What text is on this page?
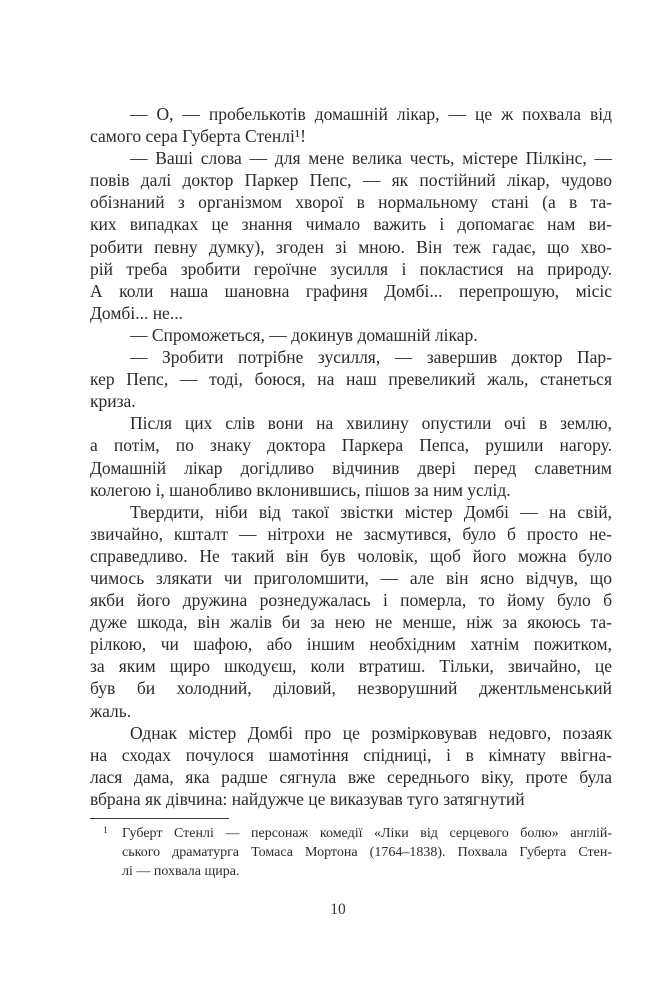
— О, — пробелькотів домашній лікар, — це ж похвала від
самого сера Губерта Стенлі¹!
— Ваші слова — для мене велика честь, містере Пілкінс, —
повів далі доктор Паркер Пепс, — як постійний лікар, чудово
обізнаний з організмом хворої в нормальному стані (а в та-
ких випадках це знання чимало важить і допомагає нам ви-
робити певну думку), згоден зі мною. Він теж гадає, що хво-
рій треба зробити героїчне зусилля і покластися на природу.
А коли наша шановна графиня Домбі... перепрошую, місіс
Домбі... не...
— Спроможеться, — докинув домашній лікар.
— Зробити потрібне зусилля, — завершив доктор Пар-
кер Пепс, — тоді, боюся, на наш превеликий жаль, станеться
криза.
Після цих слів вони на хвилину опустили очі в землю,
а потім, по знаку доктора Паркера Пепса, рушили нагору.
Домашній лікар догідливо відчинив двері перед славетним
колегою і, шанобливо вклонившись, пішов за ним услід.
Твердити, ніби від такої звістки містер Домбі — на свій,
звичайно, кшталт — нітрохи не засмутився, було б просто не-
справедливо. Не такий він був чоловік, щоб його можна було
чимось злякати чи приголомшити, — але він ясно відчув, що
якби його дружина рознедужалась і померла, то йому було б
дуже шкода, він жалів би за нею не менше, ніж за якоюсь та-
рілкою, чи шафою, або іншим необхідним хатнім пожитком,
за яким щиро шкодуєш, коли втратиш. Тільки, звичайно, це
був би холодний, діловий, незворушний джентльменський
жаль.
Однак містер Домбі про це розмірковував недовго, позаяк
на сходах почулося шамотіння спідниці, і в кімнату ввігна-
лася дама, яка радше сягнула вже середнього віку, проте була
вбрана як дівчина: найдужче це виказував туго затягнутий
1 Губерт Стенлі — персонаж комедії «Ліки від серцевого болю» англій-
ського драматурга Томаса Мортона (1764–1838). Похвала Губерта Стен-
лі — похвала щира.
10
